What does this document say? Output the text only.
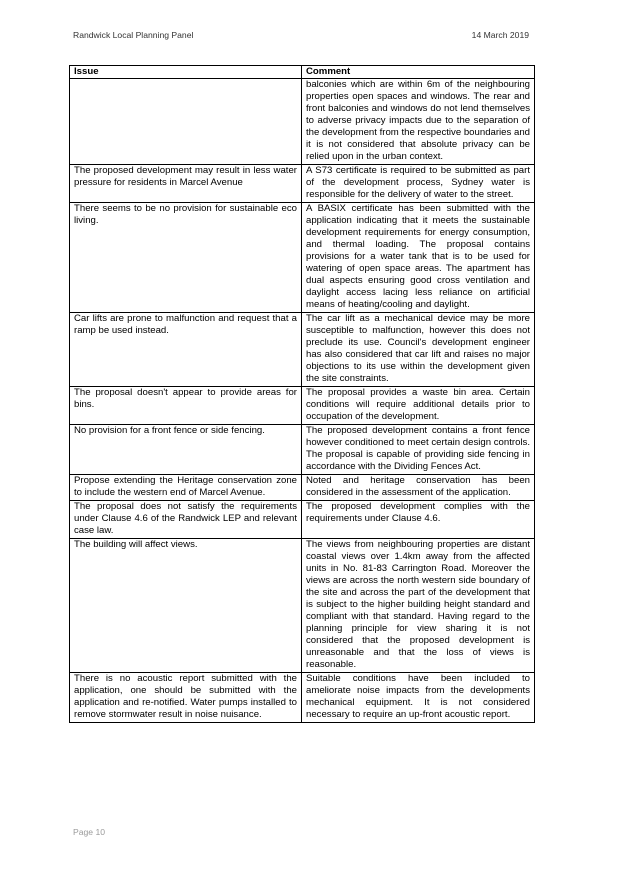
Randwick Local Planning Panel	14 March 2019
Issue	Comment
	balconies which are within 6m of the neighbouring properties open spaces and windows. The rear and front balconies and windows do not lend themselves to adverse privacy impacts due to the separation of the development from the respective boundaries and it is not considered that absolute privacy can be relied upon in the urban context.
The proposed development may result in less water pressure for residents in Marcel Avenue	A S73 certificate is required to be submitted as part of the development process, Sydney water is responsible for the delivery of water to the street.
There seems to be no provision for sustainable eco living.	A BASIX certificate has been submitted with the application indicating that it meets the sustainable development requirements for energy consumption, and thermal loading. The proposal contains provisions for a water tank that is to be used for watering of open space areas. The apartment has dual aspects ensuring good cross ventilation and daylight access lacing less reliance on artificial means of heating/cooling and daylight.
Car lifts are prone to malfunction and request that a ramp be used instead.	The car lift as a mechanical device may be more susceptible to malfunction, however this does not preclude its use. Council's development engineer has also considered that car lift and raises no major objections to its use within the development given the site constraints.
The proposal doesn't appear to provide areas for bins.	The proposal provides a waste bin area. Certain conditions will require additional details prior to occupation of the development.
No provision for a front fence or side fencing.	The proposed development contains a front fence however conditioned to meet certain design controls. The proposal is capable of providing side fencing in accordance with the Dividing Fences Act.
Propose extending the Heritage conservation zone to include the western end of Marcel Avenue.	Noted and heritage conservation has been considered in the assessment of the application.
The proposal does not satisfy the requirements under Clause 4.6 of the Randwick LEP and relevant case law.	The proposed development complies with the requirements under Clause 4.6.
The building will affect views.	The views from neighbouring properties are distant coastal views over 1.4km away from the affected units in No. 81-83 Carrington Road. Moreover the views are across the north western side boundary of the site and across the part of the development that is subject to the higher building height standard and compliant with that standard. Having regard to the planning principle for view sharing it is not considered that the proposed development is unreasonable and that the loss of views is reasonable.
There is no acoustic report submitted with the application, one should be submitted with the application and re-notified. Water pumps installed to remove stormwater result in noise nuisance.	Suitable conditions have been included to ameliorate noise impacts from the developments mechanical equipment. It is not considered necessary to require an up-front acoustic report.
Page 10
